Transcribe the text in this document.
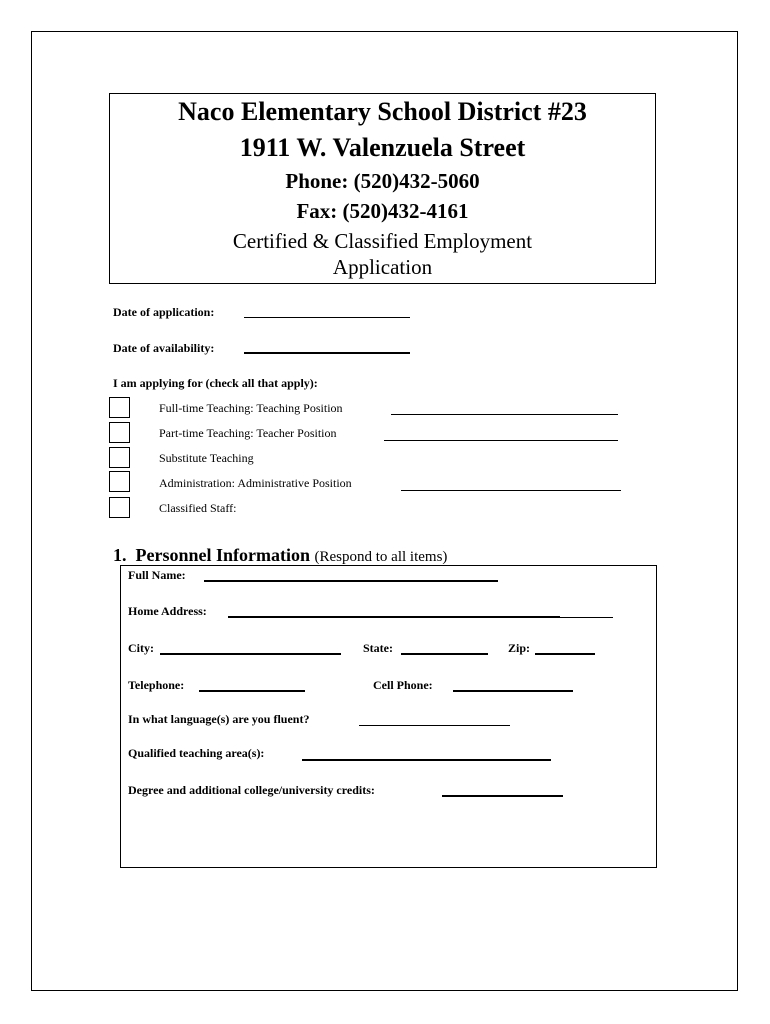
Naco Elementary School District #23
1911 W. Valenzuela Street
Phone: (520)432-5060
Fax: (520)432-4161
Certified & Classified Employment
Application
Date of application:
Date of availability:
I am applying for (check all that apply):
Full-time Teaching: Teaching Position
Part-time Teaching: Teacher Position
Substitute Teaching
Administration: Administrative Position
Classified Staff:
1. Personnel Information (Respond to all items)
Full Name:
Home Address:
City:	State:	Zip:
Telephone:	Cell Phone:
In what language(s) are you fluent?
Qualified teaching area(s):
Degree and additional college/university credits:
